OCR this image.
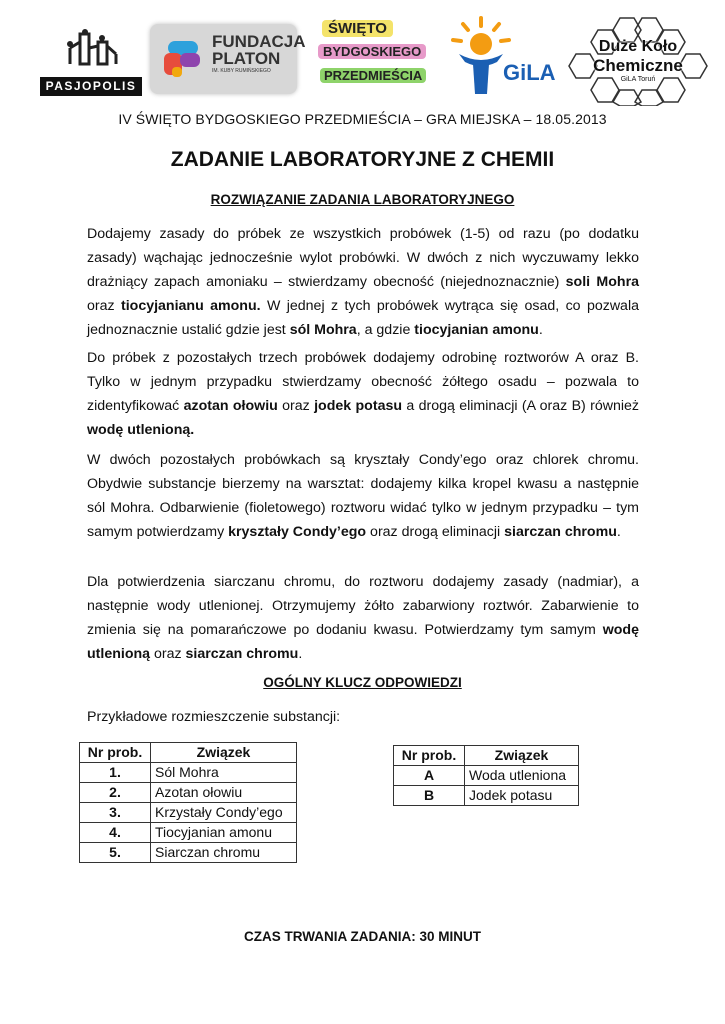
PASJOPOLIS
FUNDACJA
PLATON
IM. KUBY RUMIŃSKIEGO
ŚWIĘTO
BYDGOSKIEGO
PRZEDMIEŚCIA	GiLA
Duże Koło
Chemiczne
GiLA Toruń
IV ŚWIĘTO BYDGOSKIEGO PRZEDMIEŚCIA – GRA MIEJSKA – 18.05.2013
ZADANIE LABORATORYJNE Z CHEMII
ROZWIĄZANIE ZADANIA LABORATORYJNEGO

Dodajemy zasady do próbek ze wszystkich probówek (1-5) od razu (po dodatku zasady) wąchając jednocześnie wylot probówki. W dwóch z nich wyczuwamy lekko drażniący zapach amoniaku – stwierdzamy obecność (niejednoznacznie) soli Mohra oraz tiocyjanianu amonu. W jednej z tych probówek wytrąca się osad, co pozwala jednoznacznie ustalić gdzie jest sól Mohra, a gdzie tiocyjanian amonu.

Do próbek z pozostałych trzech probówek dodajemy odrobinę roztworów A oraz B. Tylko w jednym przypadku stwierdzamy obecność żółtego osadu – pozwala to zidentyfikować azotan ołowiu oraz jodek potasu a drogą eliminacji (A oraz B) również wodę utlenioną.

W dwóch pozostałych probówkach są kryształy Condy’ego oraz chlorek chromu. Obydwie substancje bierzemy na warsztat: dodajemy kilka kropel kwasu a następnie sól Mohra. Odbarwienie (fioletowego) roztworu widać tylko w jednym przypadku – tym samym potwierdzamy kryształy Condy’ego oraz drogą eliminacji siarczan chromu.

Dla potwierdzenia siarczanu chromu, do roztworu dodajemy zasady (nadmiar), a następnie wody utlenionej. Otrzymujemy żółto zabarwiony roztwór. Zabarwienie to zmienia się na pomarańczowe po dodaniu kwasu. Potwierdzamy tym samym wodę utlenioną oraz siarczan chromu.

OGÓLNY KLUCZ ODPOWIEDZI
Przykładowe rozmieszczenie substancji:
Nr prob.	Związek
1.	Sól Mohra
2.	Azotan ołowiu
3.	Krzystały Condy’ego
4.	Tiocyjanian amonu
5.	Siarczan chromu
Nr prob.	Związek
A	Woda utleniona
B	Jodek potasu
CZAS TRWANIA ZADANIA: 30 MINUT
